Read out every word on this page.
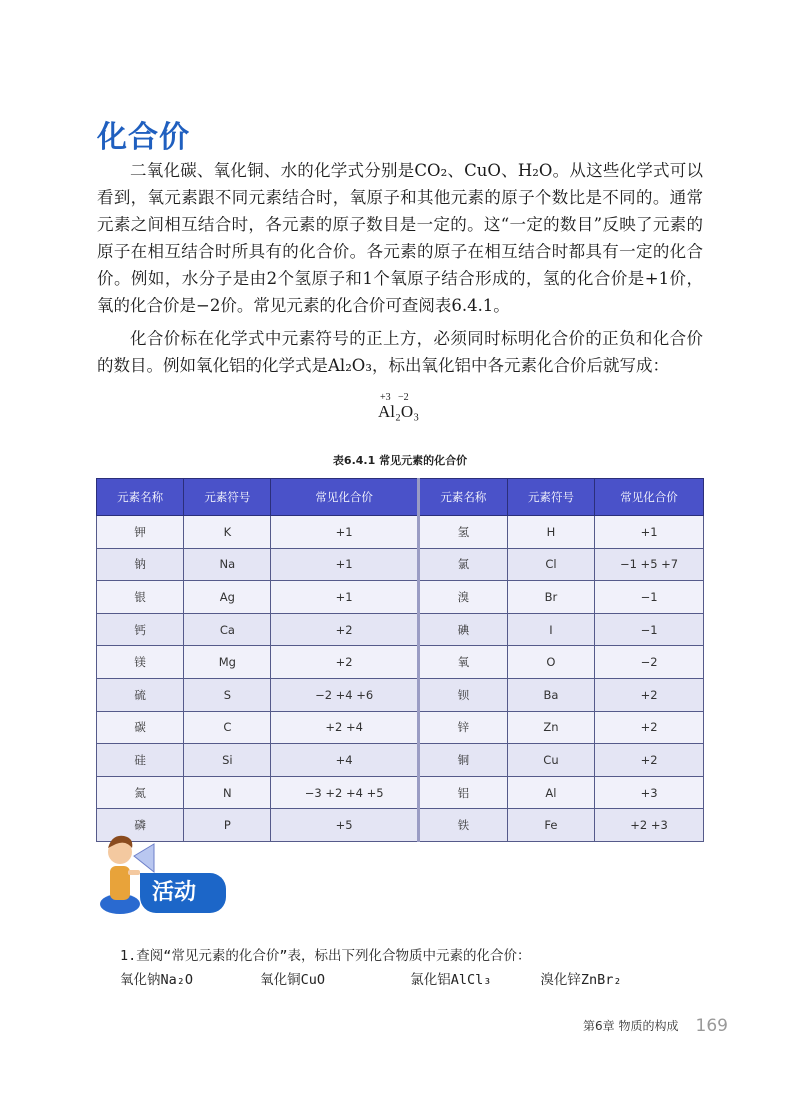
化合价

二氧化碳、氧化铜、水的化学式分别是CO₂、CuO、H₂O。从这些化学式可以看到，氧元素跟不同元素结合时，氧原子和其他元素的原子个数比是不同的。通常元素之间相互结合时，各元素的原子数目是一定的。这“一定的数目”反映了元素的原子在相互结合时所具有的化合价。各元素的原子在相互结合时都具有一定的化合价。例如，水分子是由2个氢原子和1个氧原子结合形成的，氢的化合价是+1价，氧的化合价是−2价。常见元素的化合价可查阅表6.4.1。

化合价标在化学式中元素符号的正上方，必须同时标明化合价的正负和化合价的数目。例如氧化铝的化学式是Al₂O₃，标出氧化铝中各元素化合价后就写成：

+3 −2
Al₂O₃
表6.4.1 常见元素的化合价
元素名称	元素符号	常见化合价	元素名称	元素符号	常见化合价
钾	K	+1	氢	H	+1
钠	Na	+1	氯	Cl	−1 +5 +7
银	Ag	+1	溴	Br	−1
钙	Ca	+2	碘	I	−1
镁	Mg	+2	氧	O	−2
硫	S	−2 +4 +6	钡	Ba	+2
碳	C	+2 +4	锌	Zn	+2
硅	Si	+4	铜	Cu	+2
氮	N	−3 +2 +4 +5	铝	Al	+3
磷	P	+5	铁	Fe	+2 +3
活动
1.查阅“常见元素的化合价”表，标出下列化合物质中元素的化合价：
氧化钠Na₂O	氧化铜CuO	氯化铝AlCl₃	溴化锌ZnBr₂
第6章 物质的构成 169
